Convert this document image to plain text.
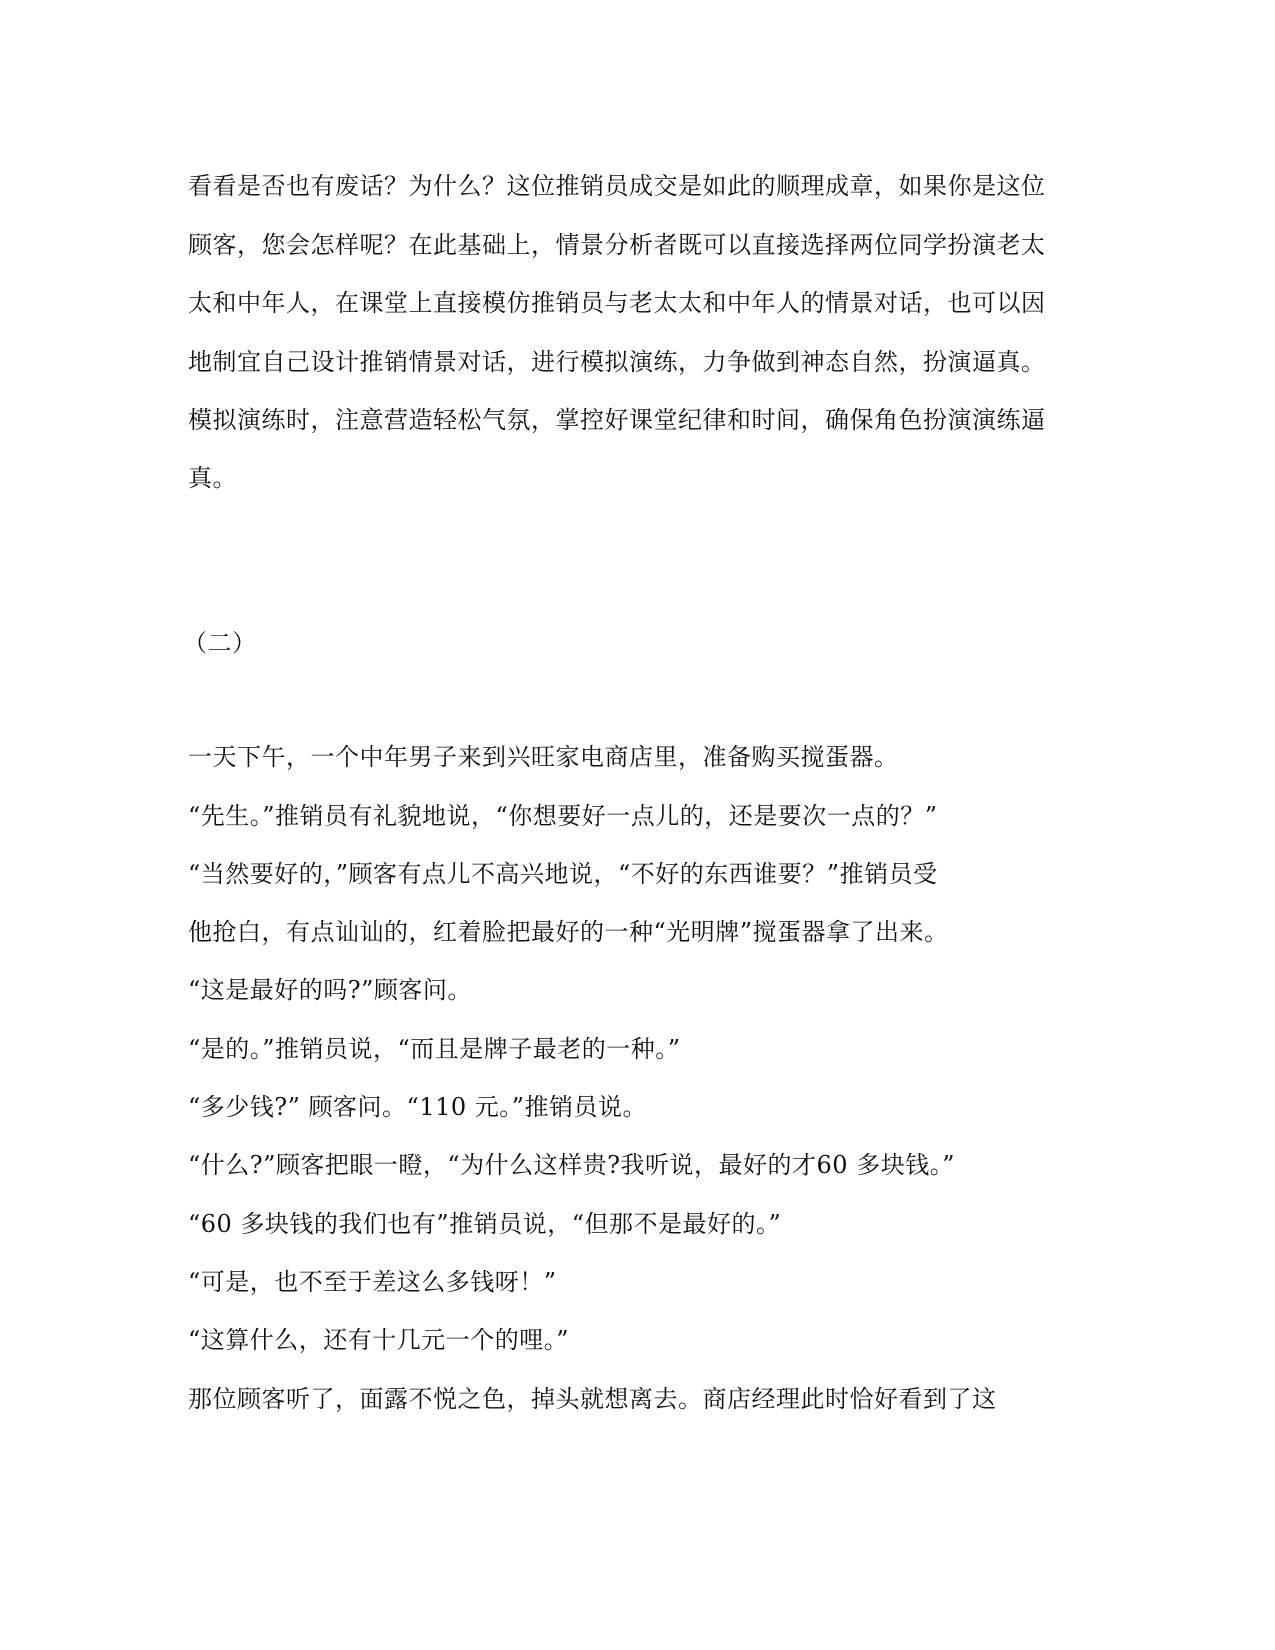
看看是否也有废话？为什么？这位推销员成交是如此的顺理成章，如果你是这位
顾客，您会怎样呢？在此基础上，情景分析者既可以直接选择两位同学扮演老太
太和中年人，在课堂上直接模仿推销员与老太太和中年人的情景对话，也可以因
地制宜自己设计推销情景对话，进行模拟演练，力争做到神态自然，扮演逼真。
模拟演练时，注意营造轻松气氛，掌控好课堂纪律和时间，确保角色扮演演练逼
真。
（二）
一天下午，一个中年男子来到兴旺家电商店里，准备购买搅蛋器。
“先生。”推销员有礼貌地说，“你想要好一点儿的，还是要次一点的？”
“当然要好的，”顾客有点儿不高兴地说，“不好的东西谁要？”推销员受
他抢白，有点讪讪的，红着脸把最好的一种“光明牌”搅蛋器拿了出来。
“这是最好的吗?”顾客问。
“是的。”推销员说，“而且是牌子最老的一种。”
“多少钱?” 顾客问。“110 元。”推销员说。
“什么?”顾客把眼一瞪，“为什么这样贵?我听说，最好的才60 多块钱。”
“60 多块钱的我们也有”推销员说，“但那不是最好的。”
“可是，也不至于差这么多钱呀！”
“这算什么，还有十几元一个的哩。”
那位顾客听了，面露不悦之色，掉头就想离去。商店经理此时恰好看到了这
